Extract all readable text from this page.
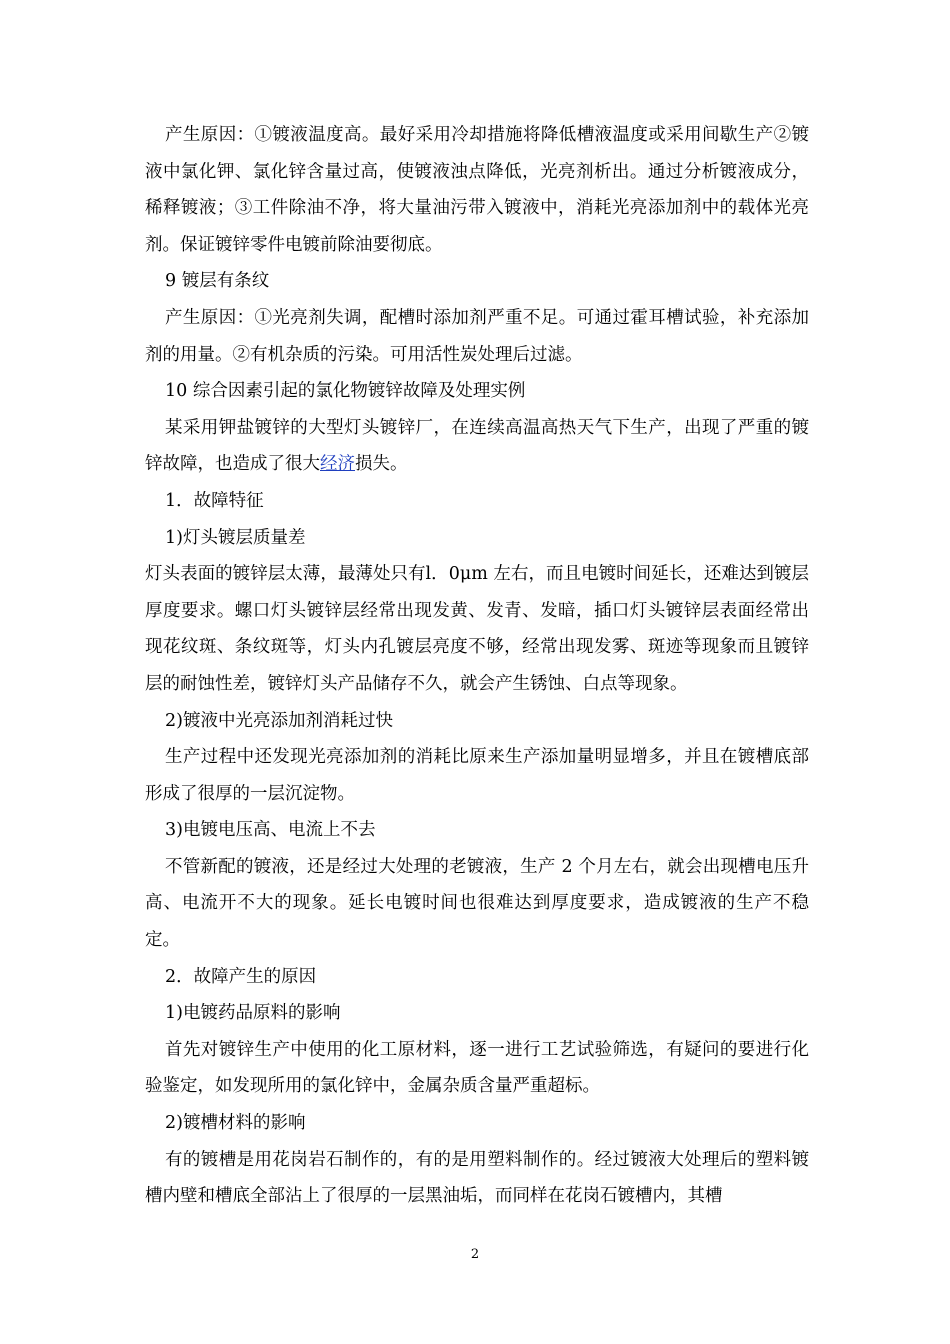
产生原因：①镀液温度高。最好采用冷却措施将降低槽液温度或采用间歇生产②镀液中氯化钾、氯化锌含量过高，使镀液浊点降低，光亮剂析出。通过分析镀液成分，稀释镀液；③工件除油不净，将大量油污带入镀液中，消耗光亮添加剂中的载体光亮剂。保证镀锌零件电镀前除油要彻底。

9 镀层有条纹

产生原因：①光亮剂失调，配槽时添加剂严重不足。可通过霍耳槽试验，补充添加剂的用量。②有机杂质的污染。可用活性炭处理后过滤。

10 综合因素引起的氯化物镀锌故障及处理实例

某采用钾盐镀锌的大型灯头镀锌厂，在连续高温高热天气下生产，出现了严重的镀锌故障，也造成了很大经济损失。

1．故障特征

1)灯头镀层质量差

灯头表面的镀锌层太薄，最薄处只有l．0μm 左右，而且电镀时间延长，还难达到镀层厚度要求。螺口灯头镀锌层经常出现发黄、发青、发暗，插口灯头镀锌层表面经常出现花纹斑、条纹斑等，灯头内孔镀层亮度不够，经常出现发雾、斑迹等现象而且镀锌层的耐蚀性差，镀锌灯头产品储存不久，就会产生锈蚀、白点等现象。

2)镀液中光亮添加剂消耗过快

生产过程中还发现光亮添加剂的消耗比原来生产添加量明显增多，并且在镀槽底部形成了很厚的一层沉淀物。

3)电镀电压高、电流上不去

不管新配的镀液，还是经过大处理的老镀液，生产 2 个月左右，就会出现槽电压升高、电流开不大的现象。延长电镀时间也很难达到厚度要求，造成镀液的生产不稳定。

2．故障产生的原因

1)电镀药品原料的影响

首先对镀锌生产中使用的化工原材料，逐一进行工艺试验筛选，有疑问的要进行化验鉴定，如发现所用的氯化锌中，金属杂质含量严重超标。

2)镀槽材料的影响

有的镀槽是用花岗岩石制作的，有的是用塑料制作的。经过镀液大处理后的塑料镀槽内壁和槽底全部沾上了很厚的一层黑油垢，而同样在花岗石镀槽内，其槽

2
